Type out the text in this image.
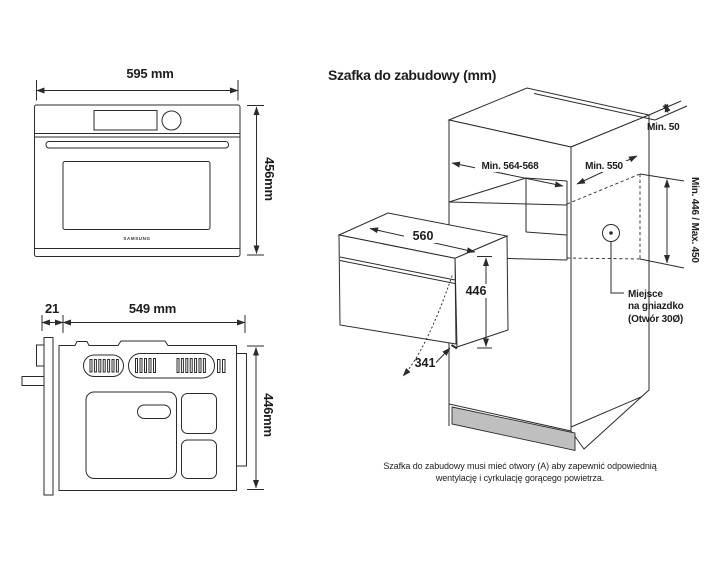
595 mm
456mm
SAMSUNG
21	549 mm
446mm
Szafka do zabudowy (mm)
Min. 50
Min. 564-568	Min. 550
Min. 446 / Max. 450
560
446
341
Miejsce
na gniazdko
(Otwór 30Ø)
Szafka do zabudowy musi mieć otwory (A) aby zapewnić odpowiednią
wentylację i cyrkulację gorącego powietrza.
